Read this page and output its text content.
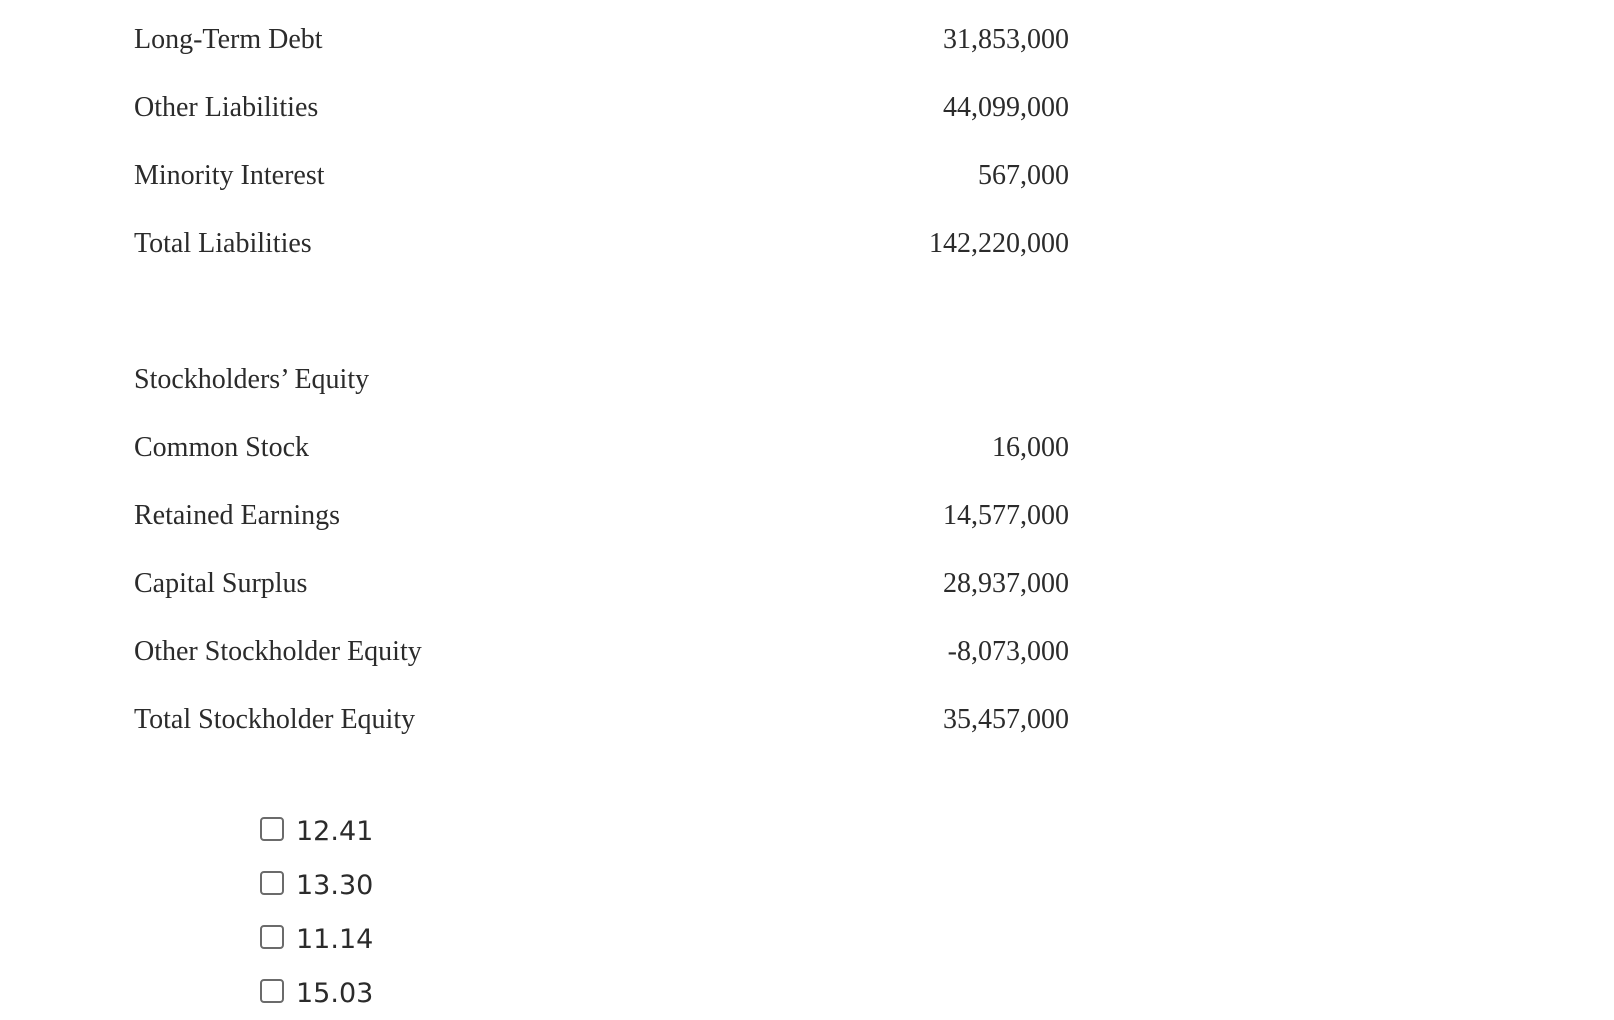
Long-Term Debt	31,853,000
Other Liabilities	44,099,000
Minority Interest	567,000
Total Liabilities	142,220,000
Stockholders’ Equity
Common Stock	16,000
Retained Earnings	14,577,000
Capital Surplus	28,937,000
Other Stockholder Equity	-8,073,000
Total Stockholder Equity	35,457,000
12.41
13.30
11.14
15.03
